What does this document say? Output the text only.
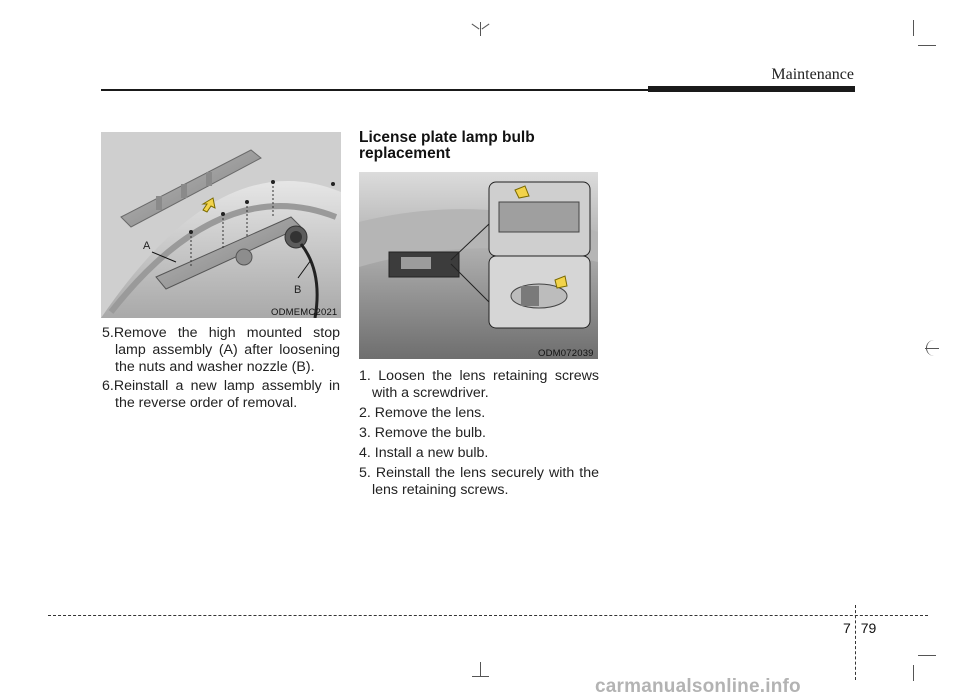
Maintenance
A
B
ODMEMC2021
5.Remove the high mounted stop lamp assembly (A) after loosening the nuts and washer nozzle (B).
6.Reinstall a new lamp assembly in the reverse order of removal.
License plate lamp bulb replacement
ODM072039
1. Loosen the lens retaining screws with a screwdriver.
2. Remove the lens.
3. Remove the bulb.
4. Install a new bulb.
5. Reinstall the lens securely with the lens retaining screws.
7 79
carmanualsonline.info
